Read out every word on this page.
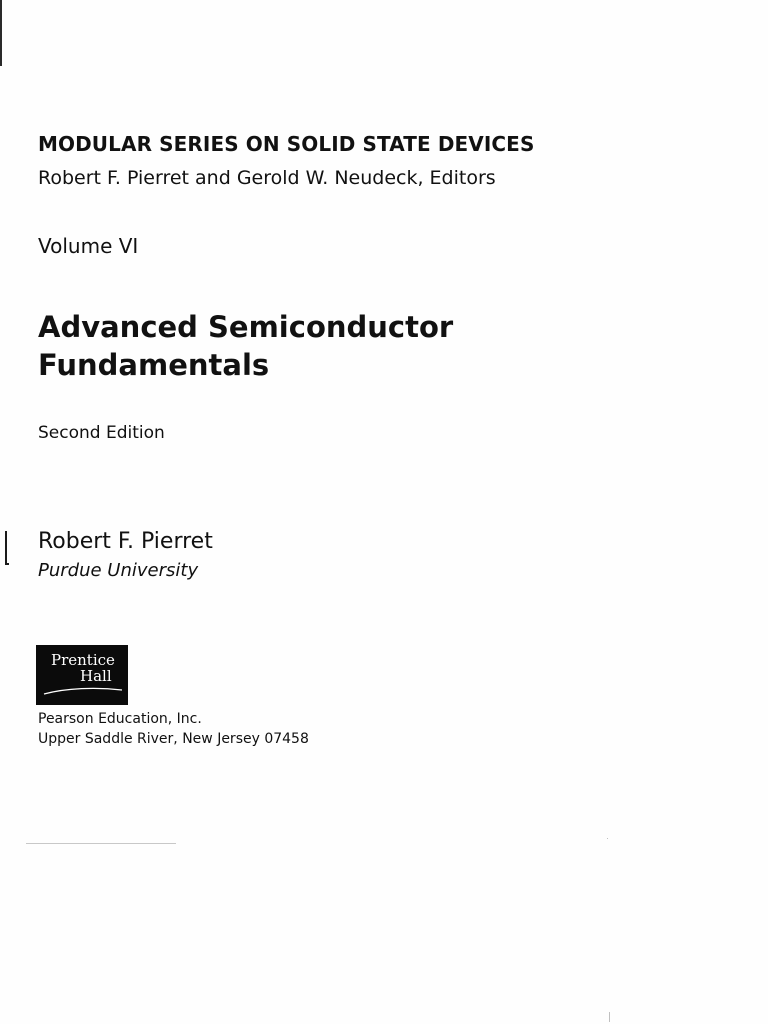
MODULAR SERIES ON SOLID STATE DEVICES

Robert F. Pierret and Gerold W. Neudeck, Editors

Volume VI

Advanced Semiconductor
Fundamentals

Second Edition

Robert F. Pierret

Purdue University

Prentice
Hall

Pearson Education, Inc.

Upper Saddle River, New Jersey 07458
